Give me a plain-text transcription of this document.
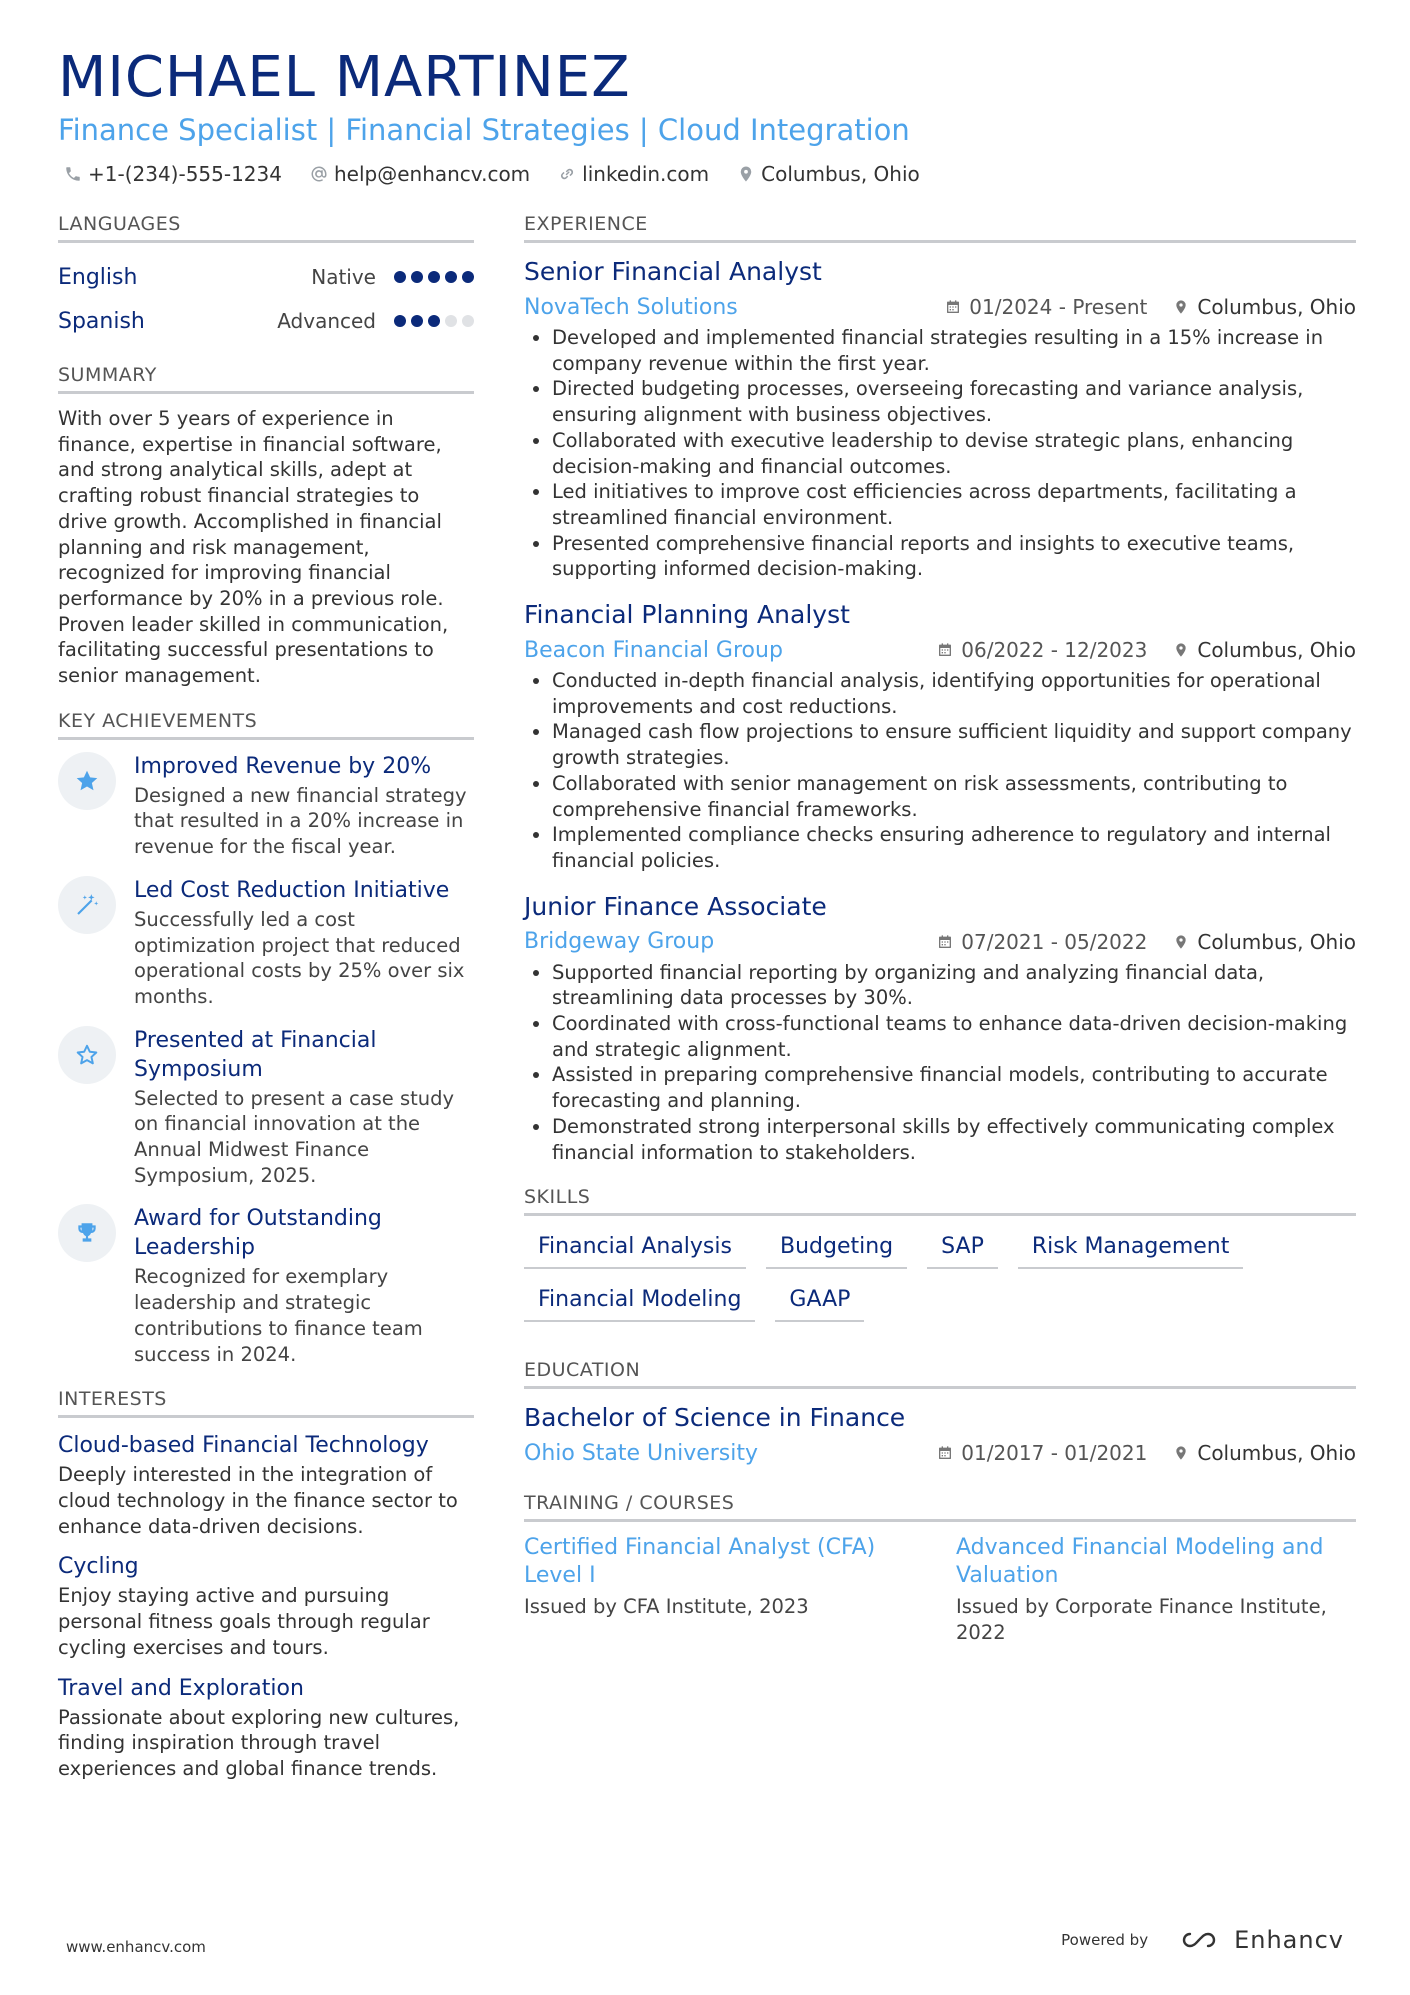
MICHAEL MARTINEZ
Finance Specialist | Financial Strategies | Cloud Integration
+1-(234)-555-1234	help@enhancv.com	linkedin.com	Columbus, Ohio
LANGUAGES
English	Native
Spanish	Advanced
SUMMARY
With over 5 years of experience in finance, expertise in financial software, and strong analytical skills, adept at crafting robust financial strategies to drive growth. Accomplished in financial planning and risk management, recognized for improving financial performance by 20% in a previous role. Proven leader skilled in communication, facilitating successful presentations to senior management.
KEY ACHIEVEMENTS
Improved Revenue by 20%
Designed a new financial strategy that resulted in a 20% increase in revenue for the fiscal year.
Led Cost Reduction Initiative
Successfully led a cost optimization project that reduced operational costs by 25% over six months.
Presented at Financial Symposium
Selected to present a case study on financial innovation at the Annual Midwest Finance Symposium, 2025.
Award for Outstanding Leadership
Recognized for exemplary leadership and strategic contributions to finance team success in 2024.
INTERESTS
Cloud-based Financial Technology
Deeply interested in the integration of cloud technology in the finance sector to enhance data-driven decisions.
Cycling
Enjoy staying active and pursuing personal fitness goals through regular cycling exercises and tours.
Travel and Exploration
Passionate about exploring new cultures, finding inspiration through travel experiences and global finance trends.
EXPERIENCE
Senior Financial Analyst
NovaTech Solutions	01/2024 - Present	Columbus, Ohio
• Developed and implemented financial strategies resulting in a 15% increase in company revenue within the first year.
• Directed budgeting processes, overseeing forecasting and variance analysis, ensuring alignment with business objectives.
• Collaborated with executive leadership to devise strategic plans, enhancing decision-making and financial outcomes.
• Led initiatives to improve cost efficiencies across departments, facilitating a streamlined financial environment.
• Presented comprehensive financial reports and insights to executive teams, supporting informed decision-making.
Financial Planning Analyst
Beacon Financial Group	06/2022 - 12/2023	Columbus, Ohio
• Conducted in-depth financial analysis, identifying opportunities for operational improvements and cost reductions.
• Managed cash flow projections to ensure sufficient liquidity and support company growth strategies.
• Collaborated with senior management on risk assessments, contributing to comprehensive financial frameworks.
• Implemented compliance checks ensuring adherence to regulatory and internal financial policies.
Junior Finance Associate
Bridgeway Group	07/2021 - 05/2022	Columbus, Ohio
• Supported financial reporting by organizing and analyzing financial data, streamlining data processes by 30%.
• Coordinated with cross-functional teams to enhance data-driven decision-making and strategic alignment.
• Assisted in preparing comprehensive financial models, contributing to accurate forecasting and planning.
• Demonstrated strong interpersonal skills by effectively communicating complex financial information to stakeholders.
SKILLS
Financial Analysis	Budgeting	SAP	Risk Management
Financial Modeling	GAAP
EDUCATION
Bachelor of Science in Finance
Ohio State University	01/2017 - 01/2021	Columbus, Ohio
TRAINING / COURSES
Certified Financial Analyst (CFA) Level I
Issued by CFA Institute, 2023
Advanced Financial Modeling and Valuation
Issued by Corporate Finance Institute, 2022
www.enhancv.com	Powered by	Enhancv
